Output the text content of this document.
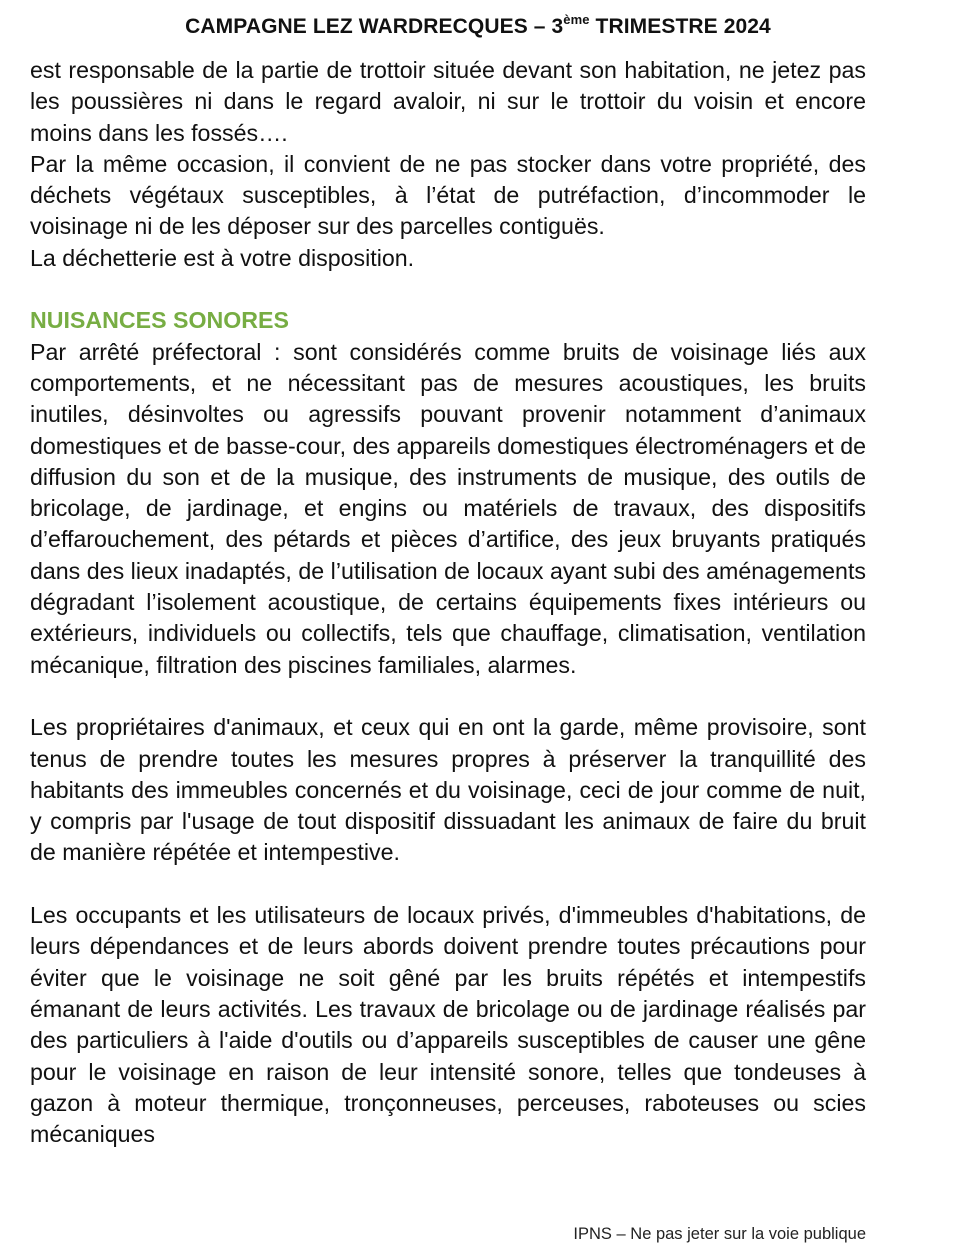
CAMPAGNE LEZ WARDRECQUES – 3ème TRIMESTRE 2024

est responsable de la partie de trottoir située devant son habitation, ne jetez pas les poussières ni dans le regard avaloir, ni sur le trottoir du voisin et encore moins dans les fossés….

Par la même occasion, il convient de ne pas stocker dans votre propriété, des déchets végétaux susceptibles, à l’état de putréfaction, d’incommoder le voisinage ni de les déposer sur des parcelles contiguës.

La déchetterie est à votre disposition.

NUISANCES SONORES

Par arrêté préfectoral : sont considérés comme bruits de voisinage liés aux comportements, et ne nécessitant pas de mesures acoustiques, les bruits inutiles, désinvoltes ou agressifs pouvant provenir notamment d’animaux domestiques et de basse-cour, des appareils domestiques électroménagers et de diffusion du son et de la musique, des instruments de musique, des outils de bricolage, de jardinage, et engins ou matériels de travaux, des dispositifs d’effarouchement, des pétards et pièces d’artifice, des jeux bruyants pratiqués dans des lieux inadaptés, de l’utilisation de locaux ayant subi des aménagements dégradant l’isolement acoustique, de certains équipements fixes intérieurs ou extérieurs, individuels ou collectifs, tels que chauffage, climatisation, ventilation mécanique, filtration des piscines familiales, alarmes.

Les propriétaires d'animaux, et ceux qui en ont la garde, même provisoire, sont tenus de prendre toutes les mesures propres à préserver la tranquillité des habitants des immeubles concernés et du voisinage, ceci de jour comme de nuit, y compris par l'usage de tout dispositif dissuadant les animaux de faire du bruit de manière répétée et intempestive.

Les occupants et les utilisateurs de locaux privés, d'immeubles d'habitations, de leurs dépendances et de leurs abords doivent prendre toutes précautions pour éviter que le voisinage ne soit gêné par les bruits répétés et intempestifs émanant de leurs activités. Les travaux de bricolage ou de jardinage réalisés par des particuliers à l'aide d'outils ou d’appareils susceptibles de causer une gêne pour le voisinage en raison de leur intensité sonore, telles que tondeuses à gazon à moteur thermique, tronçonneuses, perceuses, raboteuses ou scies mécaniques

IPNS – Ne pas jeter sur la voie publique
